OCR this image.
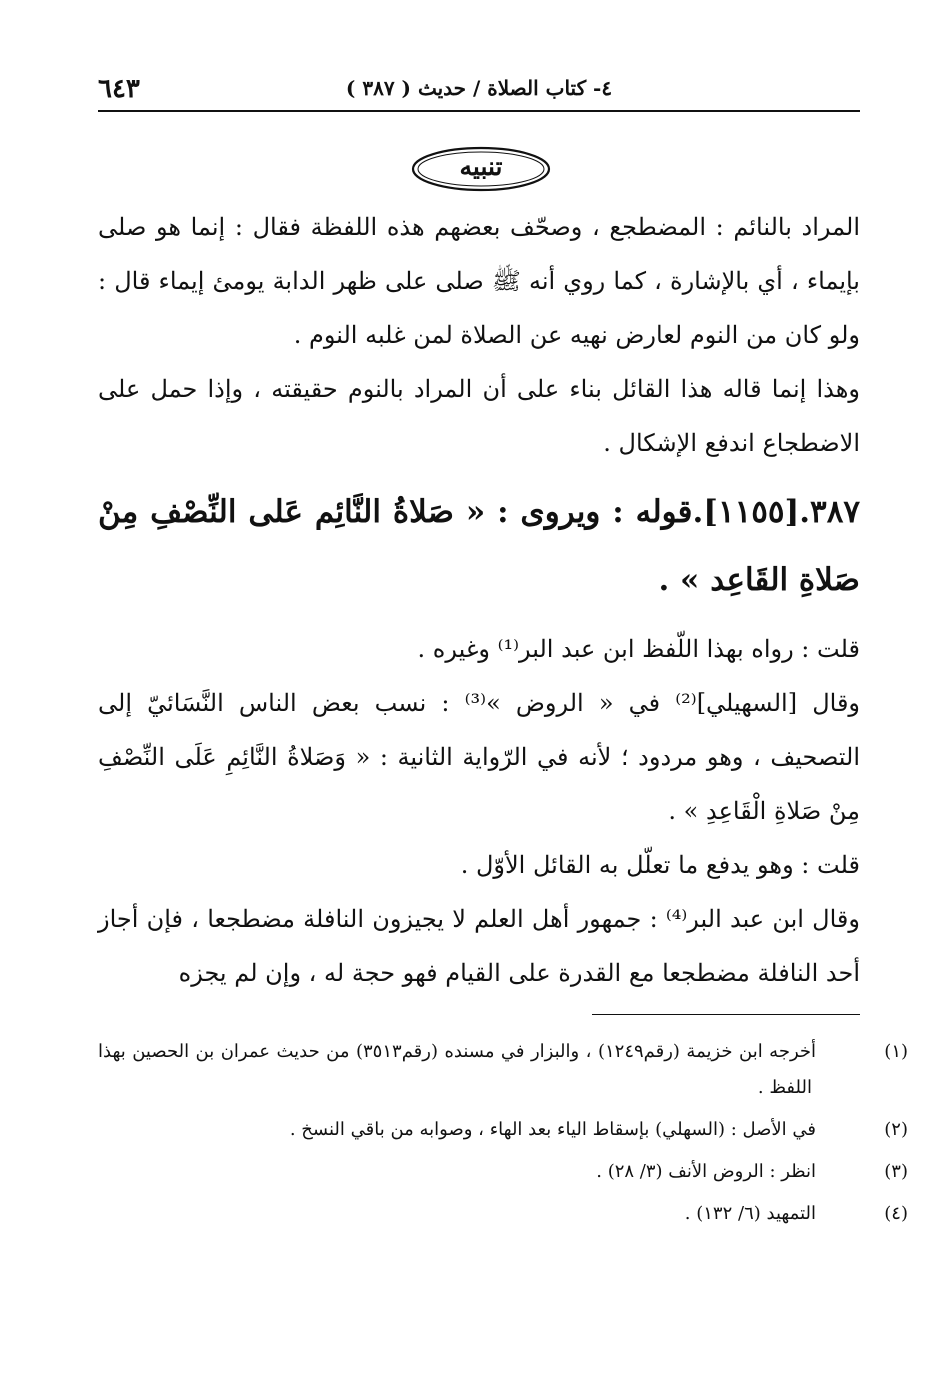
٦٤٣	٤- كتاب الصلاة / حديث ( ٣٨٧ )
تنبيه

المراد بالنائم : المضطجع ، وصحّف بعضهم هذه اللفظة فقال : إنما هو صلى بإيماء ، أي بالإشارة ، كما روي أنه ﷺ صلى على ظهر الدابة يومئ إيماء قال : ولو كان من النوم لعارض نهيه عن الصلاة لمن غلبه النوم .

وهذا إنما قاله هذا القائل بناء على أن المراد بالنوم حقيقته ، وإذا حمل على الاضطجاع اندفع الإشكال .

٣٨٧.[١١٥٥].قوله : ويروى : « صَلاةُ النَّائِم عَلى النِّصْفِ مِنْ صَلاةِ القَاعِد » .

قلت : رواه بهذا اللّفظ ابن عبد البر⁽¹⁾ وغيره .

وقال [السهيلي]⁽²⁾ في « الروض »⁽³⁾ : نسب بعض الناس النَّسَائيّ إلى التصحيف ، وهو مردود ؛ لأنه في الرّواية الثانية : « وَصَلاةُ النَّائِمِ عَلَى النِّصْفِ مِنْ صَلاةِ الْقَاعِدِ » .

قلت : وهو يدفع ما تعلّل به القائل الأوّل .

وقال ابن عبد البر⁽⁴⁾ : جمهور أهل العلم لا يجيزون النافلة مضطجعا ، فإن أجاز أحد النافلة مضطجعا مع القدرة على القيام فهو حجة له ، وإن لم يجزه

(١)أخرجه ابن خزيمة (رقم١٢٤٩) ، والبزار في مسنده (رقم٣٥١٣) من حديث عمران بن الحصين بهذا اللفظ .

(٢)في الأصل : (السهلي) بإسقاط الياء بعد الهاء ، وصوابه من باقي النسخ .

(٣)انظر : الروض الأنف (٣/ ٢٨) .

(٤)التمهيد (٦/ ١٣٢) .
